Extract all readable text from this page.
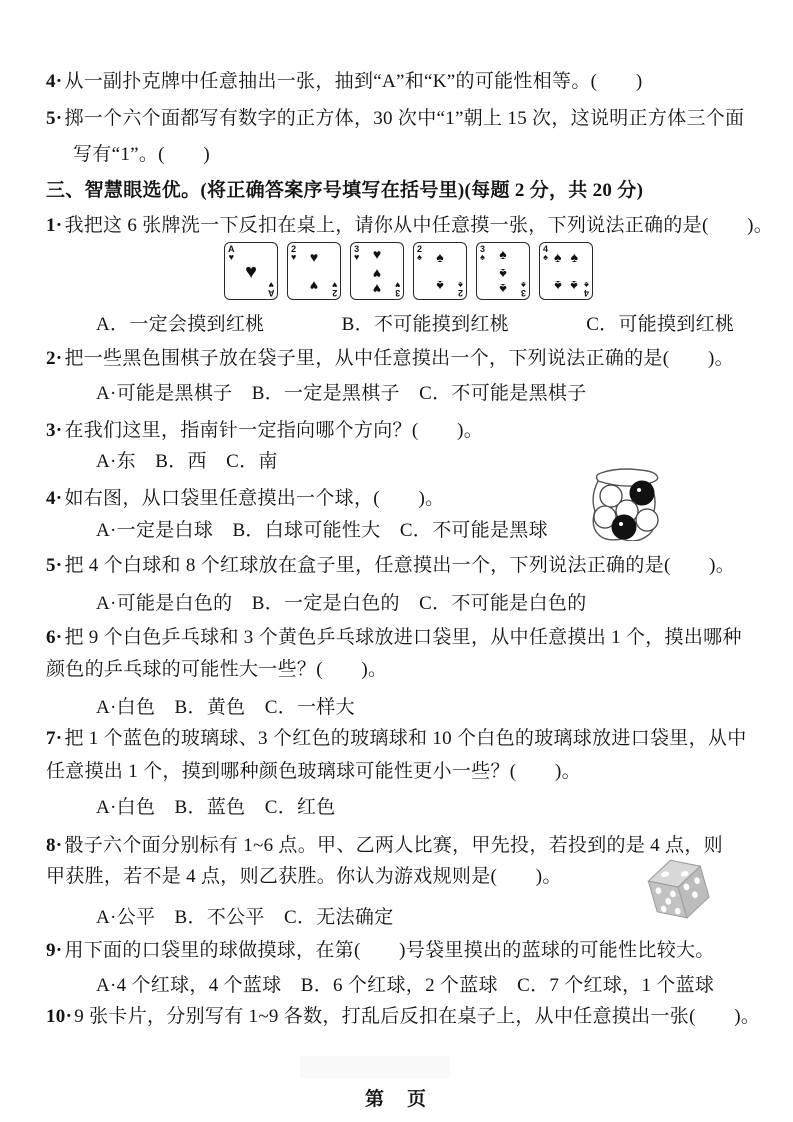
4· 从一副扑克牌中任意抽出一张，抽到“A”和“K”的可能性相等。(　　)
5· 掷一个六个面都写有数字的正方体，30 次中“1”朝上 15 次，这说明正方体三个面
写有“1”。(　　)
三、智慧眼选优。(将正确答案序号填写在括号里)(每题 2 分，共 20 分)
1· 我把这 6 张牌洗一下反扣在桌上，请你从中任意摸一张，下列说法正确的是(　　)。
A
♥
A
♥
♥
2
♥
2
♥
♥
♥
3
♥
3
♥
♥
♥
♥
2
♠
2
♠
♠
♠
3
♠
3
♠
♠
♠
♠
4
♠
4
♠
♠ ♠
♠ ♠
A．一定会摸到红桃　　　　B．不可能摸到红桃　　　　C．可能摸到红桃
2· 把一些黑色围棋子放在袋子里，从中任意摸出一个，下列说法正确的是(　　)。
A·可能是黑棋子　B．一定是黑棋子　C．不可能是黑棋子
3· 在我们这里，指南针一定指向哪个方向？(　　)。
A·东　B．西　C．南
4· 如右图，从口袋里任意摸出一个球，(　　)。
A·一定是白球　B．白球可能性大　C．不可能是黑球
5· 把 4 个白球和 8 个红球放在盒子里，任意摸出一个，下列说法正确的是(　　)。
A·可能是白色的　B．一定是白色的　C．不可能是白色的
6· 把 9 个白色乒乓球和 3 个黄色乒乓球放进口袋里，从中任意摸出 1 个，摸出哪种
颜色的乒乓球的可能性大一些？(　　)。
A·白色　B．黄色　C．一样大
7· 把 1 个蓝色的玻璃球、3 个红色的玻璃球和 10 个白色的玻璃球放进口袋里，从中
任意摸出 1 个，摸到哪种颜色玻璃球可能性更小一些？(　　)。
A·白色　B．蓝色　C．红色
8· 骰子六个面分别标有 1~6 点。甲、乙两人比赛，甲先投，若投到的是 4 点，则
甲获胜，若不是 4 点，则乙获胜。你认为游戏规则是(　　)。
A·公平　B．不公平　C．无法确定
9· 用下面的口袋里的球做摸球，在第(　　)号袋里摸出的蓝球的可能性比较大。
A·4 个红球，4 个蓝球　B．6 个红球，2 个蓝球　C．7 个红球，1 个蓝球
10· 9 张卡片，分别写有 1~9 各数，打乱后反扣在桌子上，从中任意摸出一张(　　)。
第　页
